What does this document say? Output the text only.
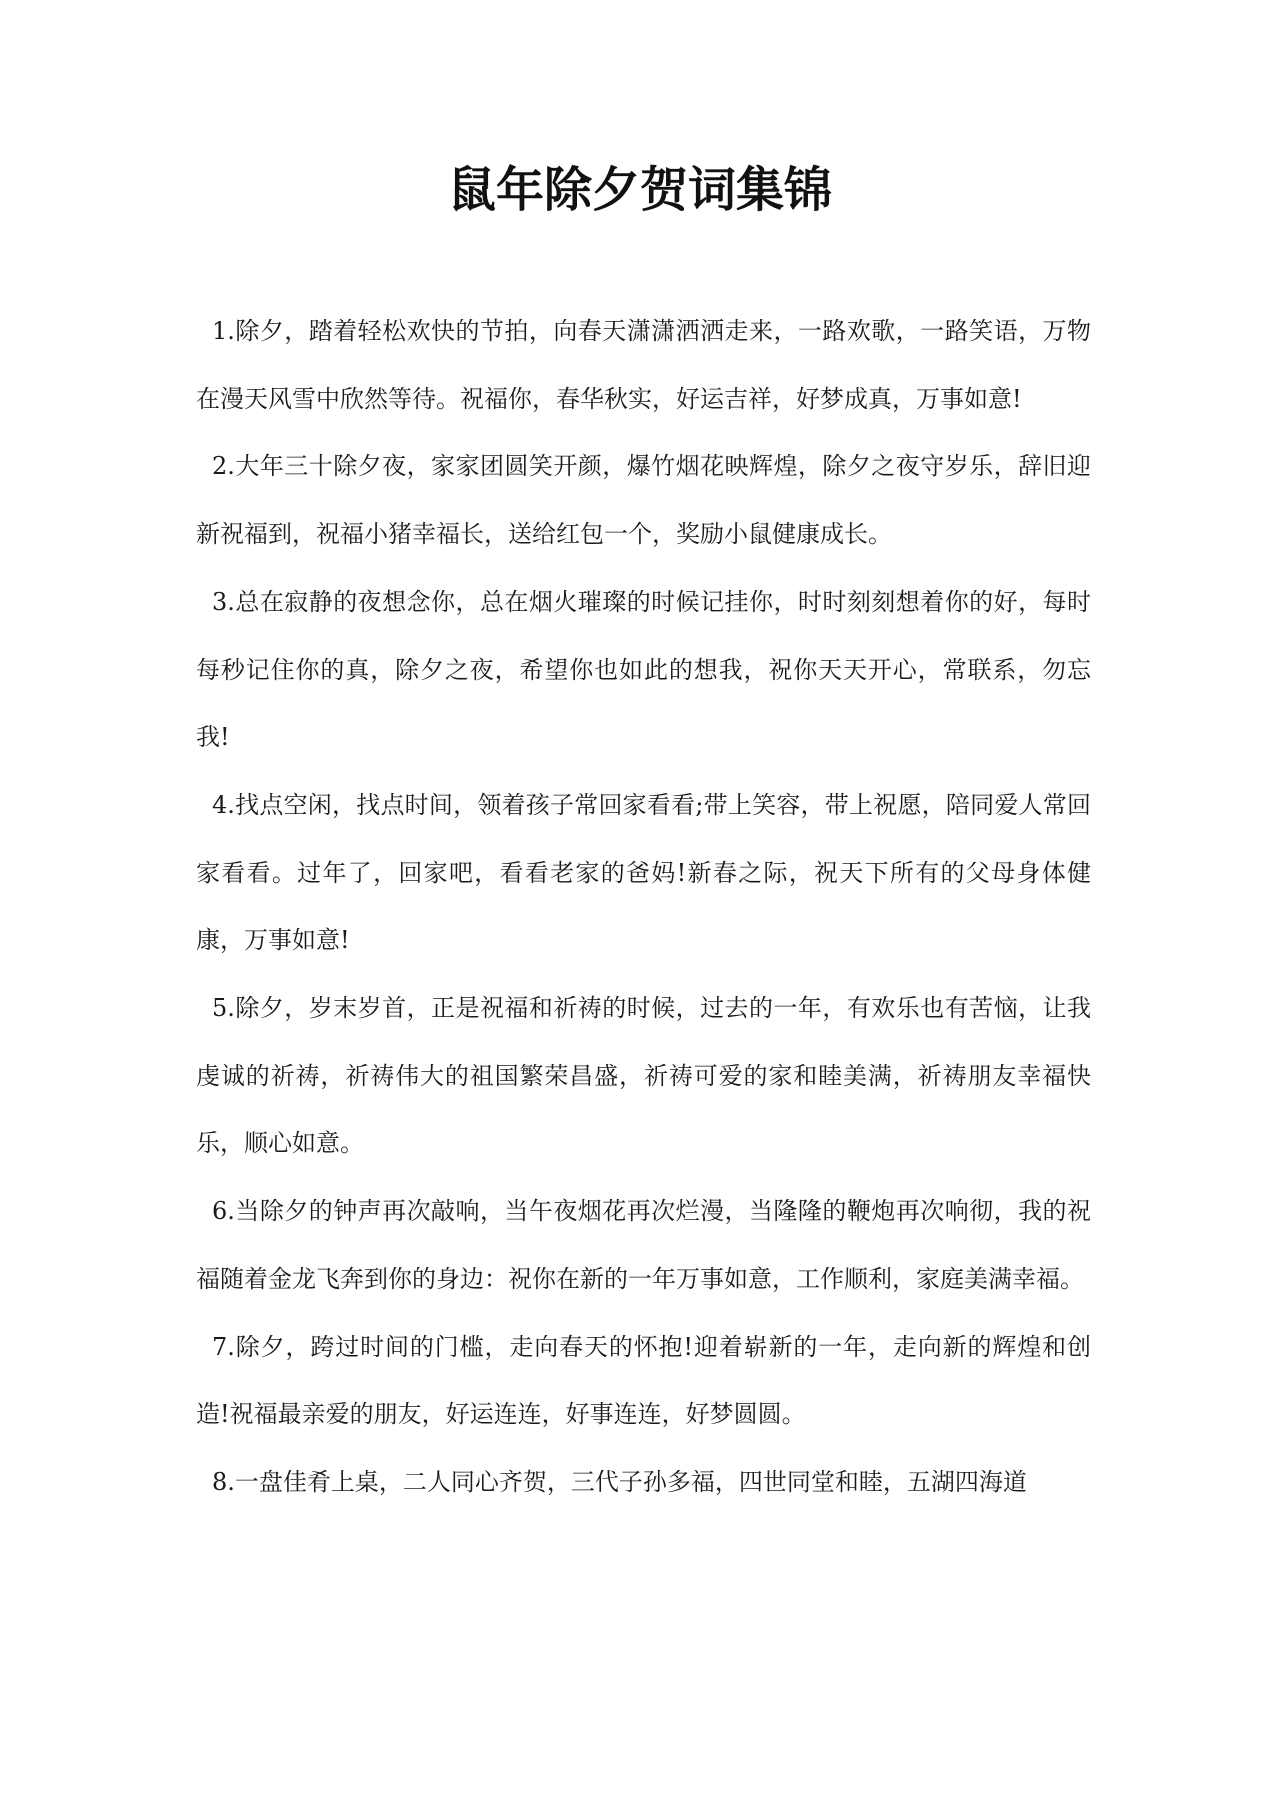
鼠年除夕贺词集锦

1.除夕，踏着轻松欢快的节拍，向春天潇潇洒洒走来，一路欢歌，一路笑语，万物在漫天风雪中欣然等待。祝福你，春华秋实，好运吉祥，好梦成真，万事如意!

2.大年三十除夕夜，家家团圆笑开颜，爆竹烟花映辉煌，除夕之夜守岁乐，辞旧迎新祝福到，祝福小猪幸福长，送给红包一个，奖励小鼠健康成长。

3.总在寂静的夜想念你，总在烟火璀璨的时候记挂你，时时刻刻想着你的好，每时每秒记住你的真，除夕之夜，希望你也如此的想我，祝你天天开心，常联系，勿忘我!

4.找点空闲，找点时间，领着孩子常回家看看;带上笑容，带上祝愿，陪同爱人常回家看看。过年了，回家吧，看看老家的爸妈!新春之际，祝天下所有的父母身体健康，万事如意!

5.除夕，岁末岁首，正是祝福和祈祷的时候，过去的一年，有欢乐也有苦恼，让我虔诚的祈祷，祈祷伟大的祖国繁荣昌盛，祈祷可爱的家和睦美满，祈祷朋友幸福快乐，顺心如意。

6.当除夕的钟声再次敲响，当午夜烟花再次烂漫，当隆隆的鞭炮再次响彻，我的祝福随着金龙飞奔到你的身边：祝你在新的一年万事如意，工作顺利，家庭美满幸福。

7.除夕，跨过时间的门槛，走向春天的怀抱!迎着崭新的一年，走向新的辉煌和创造!祝福最亲爱的朋友，好运连连，好事连连，好梦圆圆。

8.一盘佳肴上桌，二人同心齐贺，三代子孙多福，四世同堂和睦，五湖四海道
